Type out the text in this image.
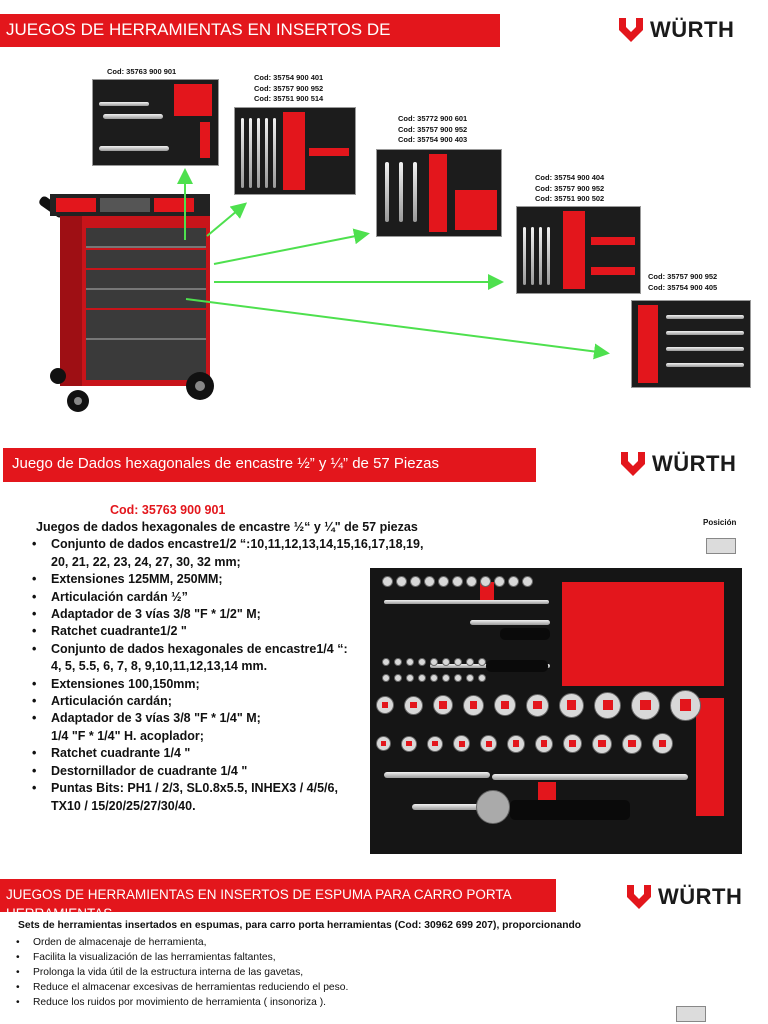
JUEGOS DE HERRAMIENTAS EN INSERTOS DE	WÜRTH
Cod: 35763 900 901
Cod: 35754 900 401
Cod: 35757 900 952
Cod: 35751 900 514
Cod: 35772 900 601
Cod: 35757 900 952
Cod: 35754 900 403
Cod: 35754 900 404
Cod: 35757 900 952
Cod: 35751 900 502
Cod: 35757 900 952
Cod: 35754 900 405
Juego de Dados hexagonales de encastre ½” y ¼” de 57 Piezas	WÜRTH
Cod: 35763 900 901
Juegos de dados hexagonales de encastre ½“ y ¼" de 57 piezas
• Conjunto de dados encastre1/2 “:10,11,12,13,14,15,16,17,18,19,
20, 21, 22, 23, 24, 27, 30, 32 mm;
• Extensiones 125MM, 250MM;
• Articulación cardán ½”
• Adaptador de 3 vías 3/8 "F * 1/2" M;
• Ratchet cuadrante1/2 "
• Conjunto de dados hexagonales de encastre1/4 “:
4, 5, 5.5, 6, 7, 8, 9,10,11,12,13,14 mm.
• Extensiones 100,150mm;
• Articulación cardán;
• Adaptador de 3 vías 3/8 "F * 1/4" M;
1/4 "F * 1/4" H. acoplador;
• Ratchet cuadrante 1/4 "
• Destornillador de cuadrante 1/4 "
• Puntas Bits: PH1 / 2/3, SL0.8x5.5, INHEX3 / 4/5/6,
TX10 / 15/20/25/27/30/40.
Posición
JUEGOS DE HERRAMIENTAS EN INSERTOS DE ESPUMA PARA CARRO PORTA
HERRAMIENTAS
WÜRTH
Sets de herramientas insertados en espumas, para carro porta herramientas (Cod: 30962 699 207), proporcionando
• Orden de almacenaje de herramienta,
• Facilita la visualización de las herramientas faltantes,
• Prolonga la vida útil de la estructura interna de las gavetas,
• Reduce el almacenar excesivas de herramientas reduciendo el peso.
• Reduce los ruidos por movimiento de herramienta ( insonoriza ).
